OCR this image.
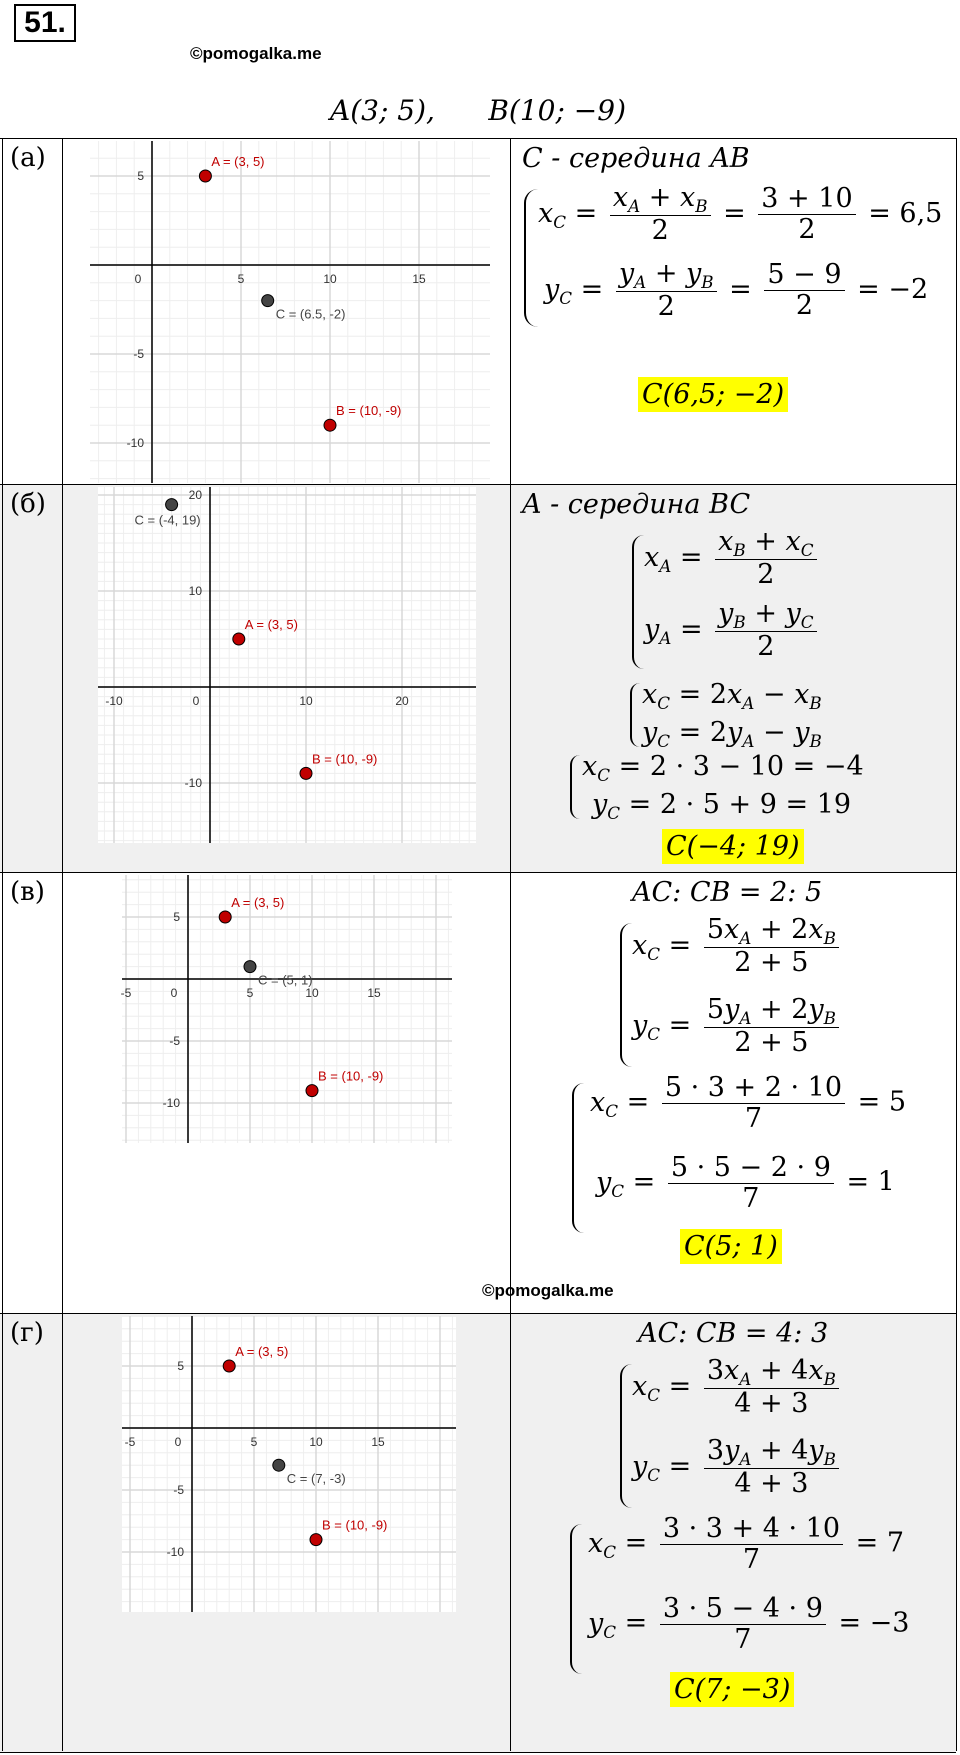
51.
©pomogalka.me
A(3; 5),      B(10; −9)
(а)
0	5	10	15
5
-5
-10
A = (3, 5)
B = (10, -9)
C = (6.5, -2)
C - середина AB
$x_C = \frac{x_A + x_B}{2} = \frac{3 + 10}{2} = 6,5$
$y_C = \frac{y_A + y_B}{2} = \frac{5 - 9}{2} = -2$
C(6,5; −2)
(б)
-10	0	10	20
20
10
-10
A = (3, 5)
B = (10, -9)
C = (-4, 19)
A - середина BC
$x_A = \frac{x_B + x_C}{2}$
$y_A = \frac{y_B + y_C}{2}$
$x_C = 2x_A - x_B$
$y_C = 2y_A - y_B$
$x_C = 2 \cdot 3 - 10 = -4$
$y_C = 2 \cdot 5 + 9 = 19$
C(−4; 19)
(в)
-5	0	5	10	15
5
-5
-10
A = (3, 5)
B = (10, -9)
C = (5, 1)
AC: CB = 2: 5
$x_C = \frac{5x_A + 2x_B}{2 + 5}$
$y_C = \frac{5y_A + 2y_B}{2 + 5}$
$x_C = \frac{5 \cdot 3 + 2 \cdot 10}{7} = 5$
$y_C = \frac{5 \cdot 5 - 2 \cdot 9}{7} = 1$
C(5; 1)
©pomogalka.me
(г)
-5	0	5	10	15
5
-5
-10
A = (3, 5)
B = (10, -9)
C = (7, -3)
AC: CB = 4: 3
$x_C = \frac{3x_A + 4x_B}{4 + 3}$
$y_C = \frac{3y_A + 4y_B}{4 + 3}$
$x_C = \frac{3 \cdot 3 + 4 \cdot 10}{7} = 7$
$y_C = \frac{3 \cdot 5 - 4 \cdot 9}{7} = -3$
C(7; −3)
